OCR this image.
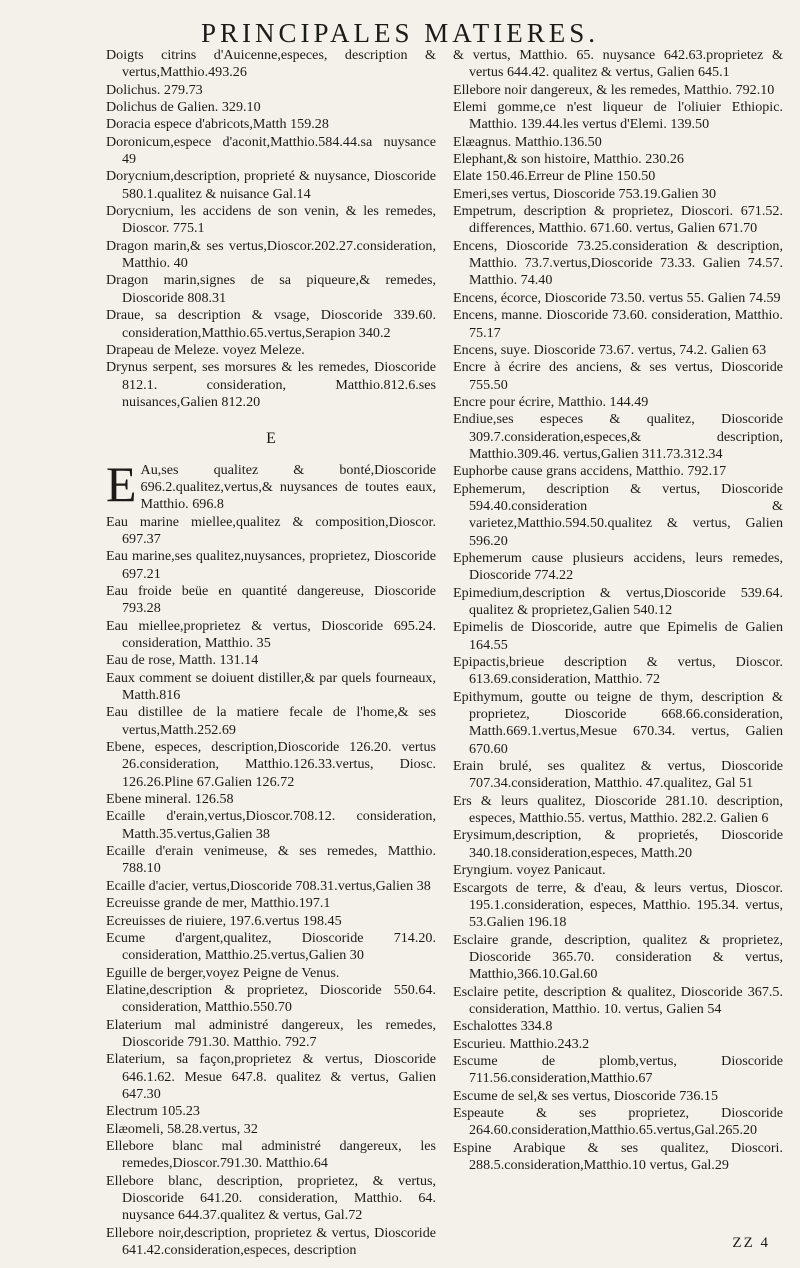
PRINCIPALES MATIERES.

Doigts citrins d'Auicenne,especes, description & vertus,Matthio.493.26

Dolichus. 279.73

Dolichus de Galien. 329.10

Doracia espece d'abricots,Matth 159.28

Doronicum,espece d'aconit,Matthio.584.44.sa nuysance 49

Dorycnium,description, proprieté & nuysance, Dioscoride 580.1.qualitez & nuisance Gal.14

Dorycnium, les accidens de son venin, & les remedes, Dioscor. 775.1

Dragon marin,& ses vertus,Dioscor.202.27.consideration, Matthio. 40

Dragon marin,signes de sa piqueure,& remedes, Dioscoride 808.31

Draue, sa description & vsage, Dioscoride 339.60. consideration,Matthio.65.vertus,Serapion 340.2

Drapeau de Meleze. voyez Meleze.

Drynus serpent, ses morsures & les remedes, Dioscoride 812.1. consideration, Matthio.812.6.ses nuisances,Galien 812.20

E

E Au,ses qualitez & bonté,Dioscoride 696.2.qualitez,vertus,& nuysances de toutes eaux, Matthio. 696.8

Eau marine miellee,qualitez & composition,Dioscor. 697.37

Eau marine,ses qualitez,nuysances, proprietez, Dioscoride 697.21

Eau froide beüe en quantité dangereuse, Dioscoride 793.28

Eau miellee,proprietez & vertus, Dioscoride 695.24. consideration, Matthio. 35

Eau de rose, Matth. 131.14

Eaux comment se doiuent distiller,& par quels fourneaux, Matth.816

Eau distillee de la matiere fecale de l'home,& ses vertus,Matth.252.69

Ebene, especes, description,Dioscoride 126.20. vertus 26.consideration, Matthio.126.33.vertus, Diosc. 126.26.Pline 67.Galien 126.72

Ebene mineral. 126.58

Ecaille d'erain,vertus,Dioscor.708.12. consideration, Matth.35.vertus,Galien 38

Ecaille d'erain venimeuse, & ses remedes, Matthio. 788.10

Ecaille d'acier, vertus,Dioscoride 708.31.vertus,Galien 38

Ecreuisse grande de mer, Matthio.197.1

Ecreuisses de riuiere, 197.6.vertus 198.45

Ecume d'argent,qualitez, Dioscoride 714.20. consideration, Matthio.25.vertus,Galien 30

Eguille de berger,voyez Peigne de Venus.

Elatine,description & proprietez, Dioscoride 550.64. consideration, Matthio.550.70

Elaterium mal administré dangereux, les remedes, Dioscoride 791.30. Matthio. 792.7

Elaterium, sa façon,proprietez & vertus, Dioscoride 646.1.62. Mesue 647.8. qualitez & vertus, Galien 647.30

Electrum 105.23

Elæomeli, 58.28.vertus, 32

Ellebore blanc mal administré dangereux, les remedes,Dioscor.791.30. Matthio.64

Ellebore blanc, description, proprietez, & vertus, Dioscoride 641.20. consideration, Matthio. 64. nuysance 644.37.qualitez & vertus, Gal.72

Ellebore noir,description, proprietez & vertus, Dioscoride 641.42.consideration,especes, description

& vertus, Matthio. 65. nuysance 642.63.proprietez & vertus 644.42. qualitez & vertus, Galien 645.1

Ellebore noir dangereux, & les remedes, Matthio. 792.10

Elemi gomme,ce n'est liqueur de l'oliuier Ethiopic. Matthio. 139.44.les vertus d'Elemi. 139.50

Elæagnus. Matthio.136.50

Elephant,& son histoire, Matthio. 230.26

Elate 150.46.Erreur de Pline 150.50

Emeri,ses vertus, Dioscoride 753.19.Galien 30

Empetrum, description & proprietez, Dioscori. 671.52. differences, Matthio. 671.60. vertus, Galien 671.70

Encens, Dioscoride 73.25.consideration & description, Matthio. 73.7.vertus,Dioscoride 73.33. Galien 74.57. Matthio. 74.40

Encens, écorce, Dioscoride 73.50. vertus 55. Galien 74.59

Encens, manne. Dioscoride 73.60. consideration, Matthio. 75.17

Encens, suye. Dioscoride 73.67. vertus, 74.2. Galien 63

Encre à écrire des anciens, & ses vertus, Dioscoride 755.50

Encre pour écrire, Matthio. 144.49

Endiue,ses especes & qualitez, Dioscoride 309.7.consideration,especes,& description, Matthio.309.46. vertus,Galien 311.73.312.34

Euphorbe cause grans accidens, Matthio. 792.17

Ephemerum, description & vertus, Dioscoride 594.40.consideration & varietez,Matthio.594.50.qualitez & vertus, Galien 596.20

Ephemerum cause plusieurs accidens, leurs remedes, Dioscoride 774.22

Epimedium,description & vertus,Dioscoride 539.64. qualitez & proprietez,Galien 540.12

Epimelis de Dioscoride, autre que Epimelis de Galien 164.55

Epipactis,brieue description & vertus, Dioscor. 613.69.consideration, Matthio. 72

Epithymum, goutte ou teigne de thym, description & proprietez, Dioscoride 668.66.consideration, Matth.669.1.vertus,Mesue 670.34. vertus, Galien 670.60

Erain brulé, ses qualitez & vertus, Dioscoride 707.34.consideration, Matthio. 47.qualitez, Gal 51

Ers & leurs qualitez, Dioscoride 281.10. description, especes, Matthio.55. vertus, Matthio. 282.2. Galien 6

Erysimum,description, & proprietés, Dioscoride 340.18.consideration,especes, Matth.20

Eryngium. voyez Panicaut.

Escargots de terre, & d'eau, & leurs vertus, Dioscor. 195.1.consideration, especes, Matthio. 195.34. vertus, 53.Galien 196.18

Esclaire grande, description, qualitez & proprietez, Dioscoride 365.70. consideration & vertus, Matthio,366.10.Gal.60

Esclaire petite, description & qualitez, Dioscoride 367.5. consideration, Matthio. 10. vertus, Galien 54

Eschalottes 334.8

Escurieu. Matthio.243.2

Escume de plomb,vertus, Dioscoride 711.56.consideration,Matthio.67

Escume de sel,& ses vertus, Dioscoride 736.15

Espeaute & ses proprietez, Dioscoride 264.60.consideration,Matthio.65.vertus,Gal.265.20

Espine Arabique & ses qualitez, Dioscori. 288.5.consideration,Matthio.10 vertus, Gal.29

ZZ 4
